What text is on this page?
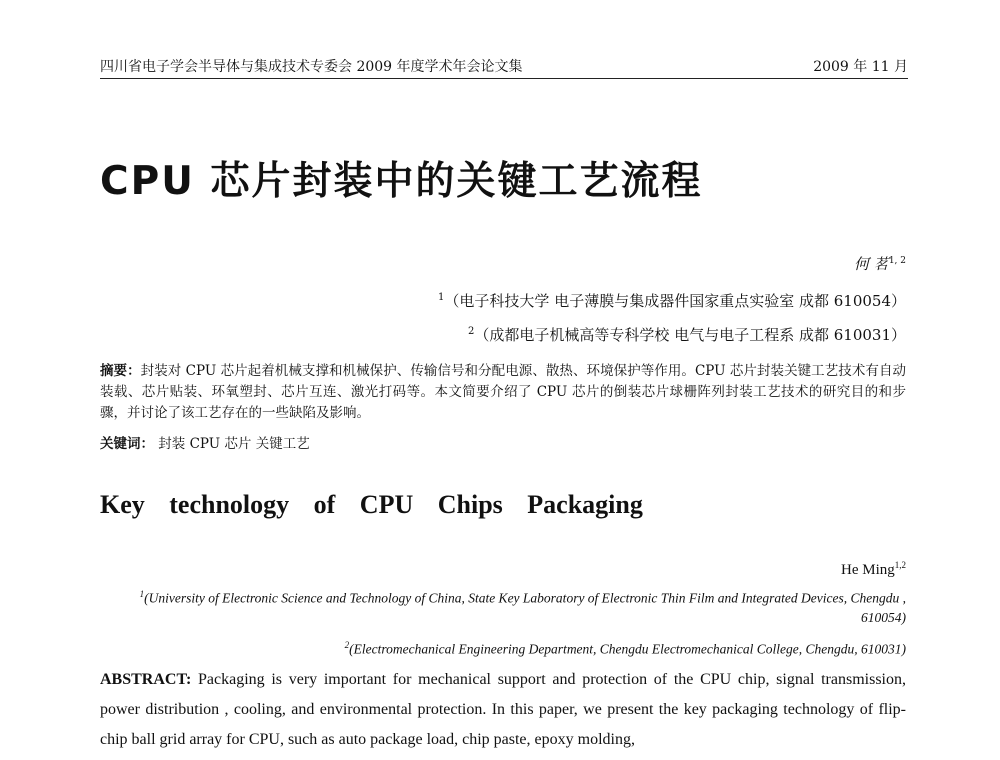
四川省电子学会半导体与集成技术专委会 2009 年度学术年会论文集	2009 年 11 月
CPU 芯片封装中的关键工艺流程
何 茗$^{1, 2}$
$^1$（电子科技大学 电子薄膜与集成器件国家重点实验室 成都 610054）
$^2$（成都电子机械高等专科学校 电气与电子工程系 成都 610031）
摘要：封装对 CPU 芯片起着机械支撑和机械保护、传输信号和分配电源、散热、环境保护等作用。CPU 芯片封装关键工艺技术有自动装载、芯片贴装、环氧塑封、芯片互连、激光打码等。本文简要介绍了 CPU 芯片的倒装芯片球栅阵列封装工艺技术的研究目的和步骤，并讨论了该工艺存在的一些缺陷及影响。
关键词： 封装 CPU 芯片 关键工艺
Key technology of CPU Chips Packaging
He Ming$^{1,2}$
$^1$(University of Electronic Science and Technology of China, State Key Laboratory of Electronic Thin Film and Integrated Devices, Chengdu , 610054)
$^2$(Electromechanical Engineering Department, Chengdu Electromechanical College, Chengdu, 610031)
ABSTRACT: Packaging is very important for mechanical support and protection of the CPU chip, signal transmission, power distribution , cooling, and environmental protection. In this paper, we present the key packaging technology of flip-chip ball grid array for CPU, such as auto package load, chip paste, epoxy molding,
